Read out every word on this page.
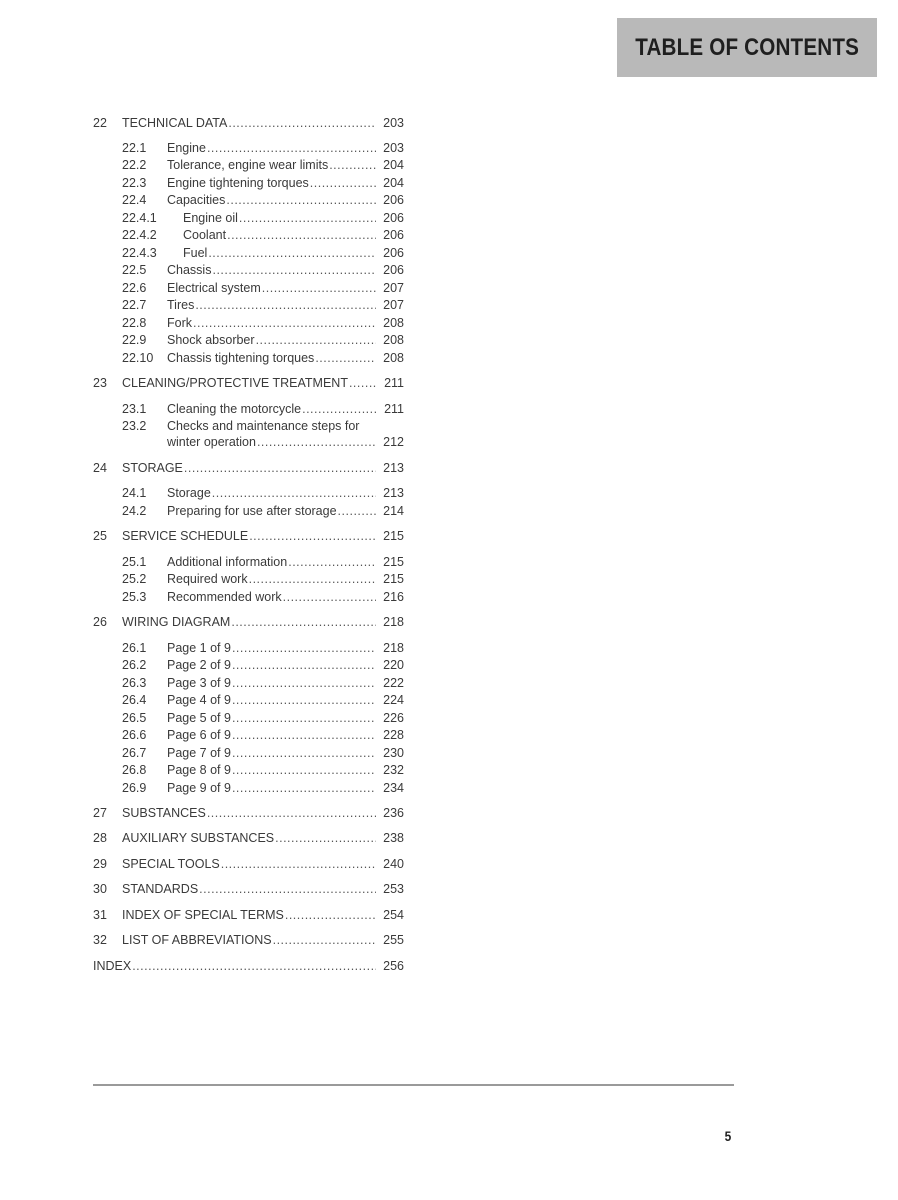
TABLE OF CONTENTS
22	TECHNICAL DATA .....	203
22.1	Engine .....	203
22.2	Tolerance, engine wear limits .....	204
22.3	Engine tightening torques .....	204
22.4	Capacities .....	206
22.4.1	Engine oil .....	206
22.4.2	Coolant .....	206
22.4.3	Fuel .....	206
22.5	Chassis .....	206
22.6	Electrical system .....	207
22.7	Tires .....	207
22.8	Fork .....	208
22.9	Shock absorber .....	208
22.10	Chassis tightening torques .....	208
23	CLEANING/PROTECTIVE TREATMENT .....	211
23.1	Cleaning the motorcycle .....	211
23.2	Checks and maintenance steps for
winter operation .....	212
24	STORAGE .....	213
24.1	Storage .....	213
24.2	Preparing for use after storage .....	214
25	SERVICE SCHEDULE .....	215
25.1	Additional information .....	215
25.2	Required work .....	215
25.3	Recommended work .....	216
26	WIRING DIAGRAM .....	218
26.1	Page 1 of 9 .....	218
26.2	Page 2 of 9 .....	220
26.3	Page 3 of 9 .....	222
26.4	Page 4 of 9 .....	224
26.5	Page 5 of 9 .....	226
26.6	Page 6 of 9 .....	228
26.7	Page 7 of 9 .....	230
26.8	Page 8 of 9 .....	232
26.9	Page 9 of 9 .....	234
27	SUBSTANCES .....	236
28	AUXILIARY SUBSTANCES .....	238
29	SPECIAL TOOLS .....	240
30	STANDARDS .....	253
31	INDEX OF SPECIAL TERMS .....	254
32	LIST OF ABBREVIATIONS .....	255
INDEX .....	256
5
